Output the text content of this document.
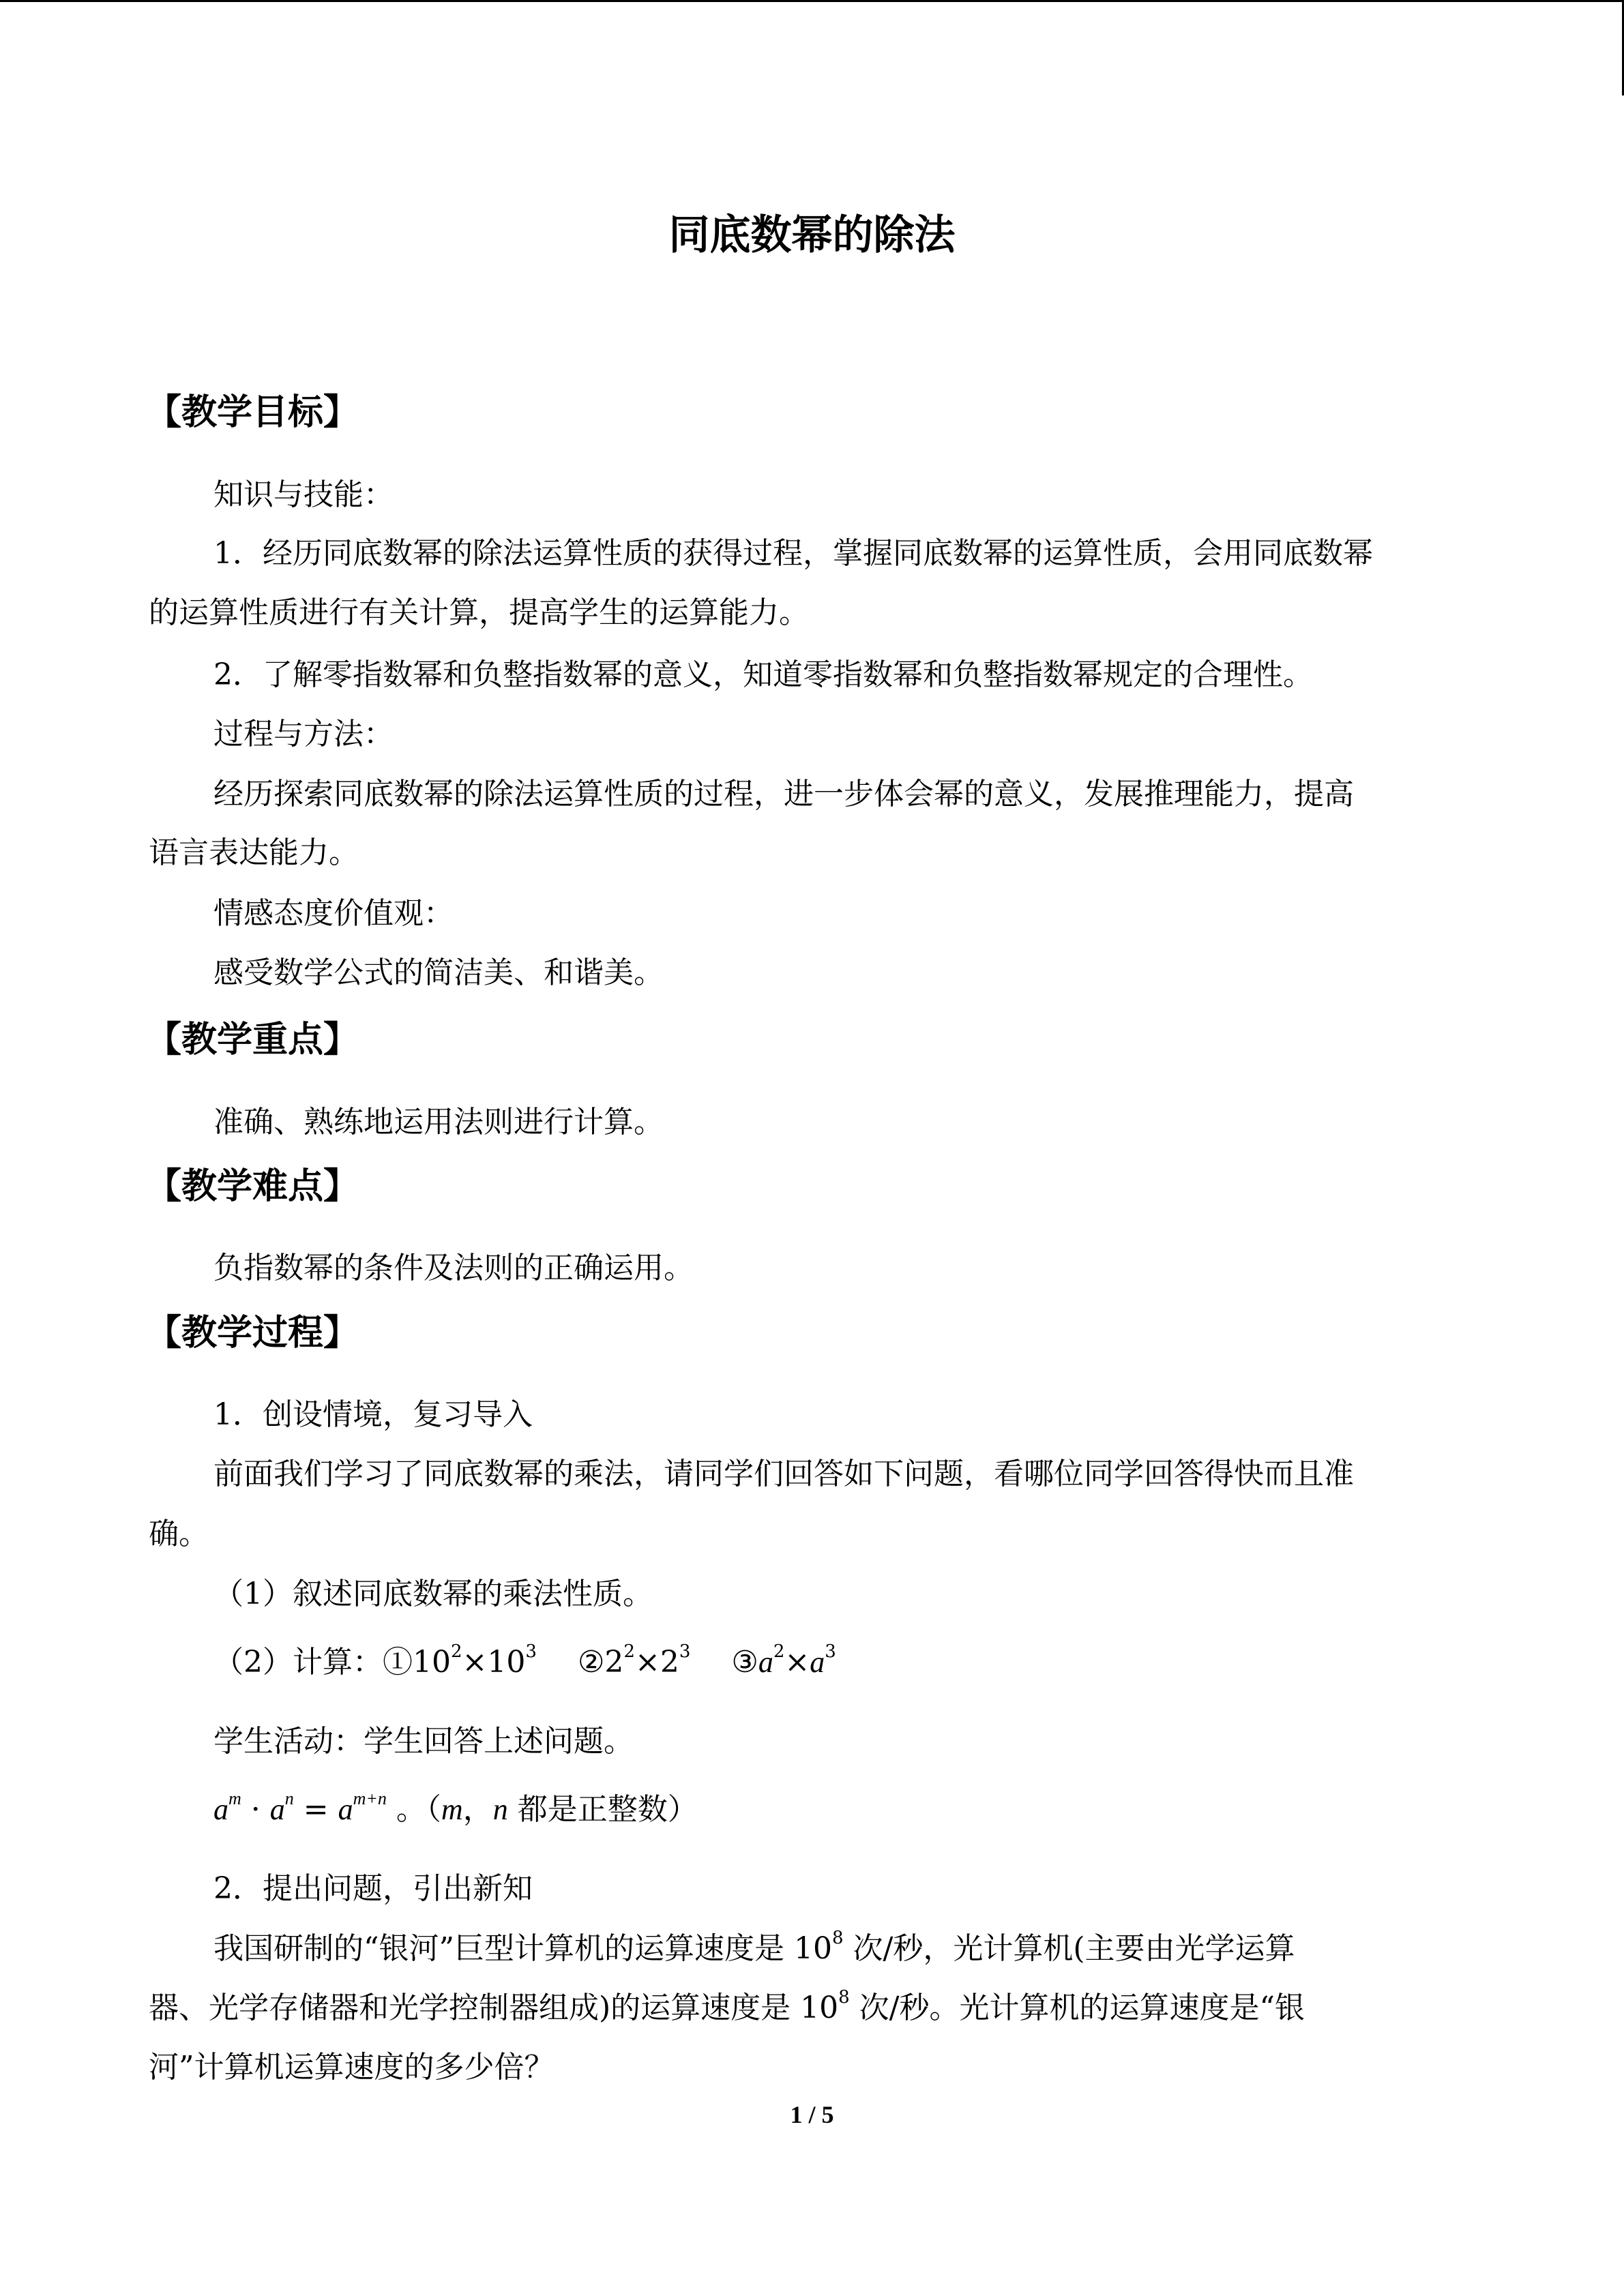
同底数幂的除法
【教学目标】
知识与技能：
1．经历同底数幂的除法运算性质的获得过程，掌握同底数幂的运算性质，会用同底数幂
的运算性质进行有关计算，提高学生的运算能力。
2．了解零指数幂和负整指数幂的意义，知道零指数幂和负整指数幂规定的合理性。
过程与方法：
经历探索同底数幂的除法运算性质的过程，进一步体会幂的意义，发展推理能力，提高
语言表达能力。
情感态度价值观：
感受数学公式的简洁美、和谐美。
【教学重点】
准确、熟练地运用法则进行计算。
【教学难点】
负指数幂的条件及法则的正确运用。
【教学过程】
1．创设情境，复习导入
前面我们学习了同底数幂的乘法，请同学们回答如下问题，看哪位同学回答得快而且准
确。
（1）叙述同底数幂的乘法性质。
（2）计算：$①10^2\times 10^3$ $②2^2\times 2^3$ $③a^2\times a^3$
学生活动：学生回答上述问题。
$a^m \cdot a^n = a^{m+n}$ 。（m，n 都是正整数）
2．提出问题，引出新知
我国研制的“银河”巨型计算机的运算速度是 $10^8$ 次/秒，光计算机(主要由光学运算
器、光学存储器和光学控制器组成)的运算速度是 $10^8$ 次/秒。光计算机的运算速度是“银
河”计算机运算速度的多少倍？
1 / 5
